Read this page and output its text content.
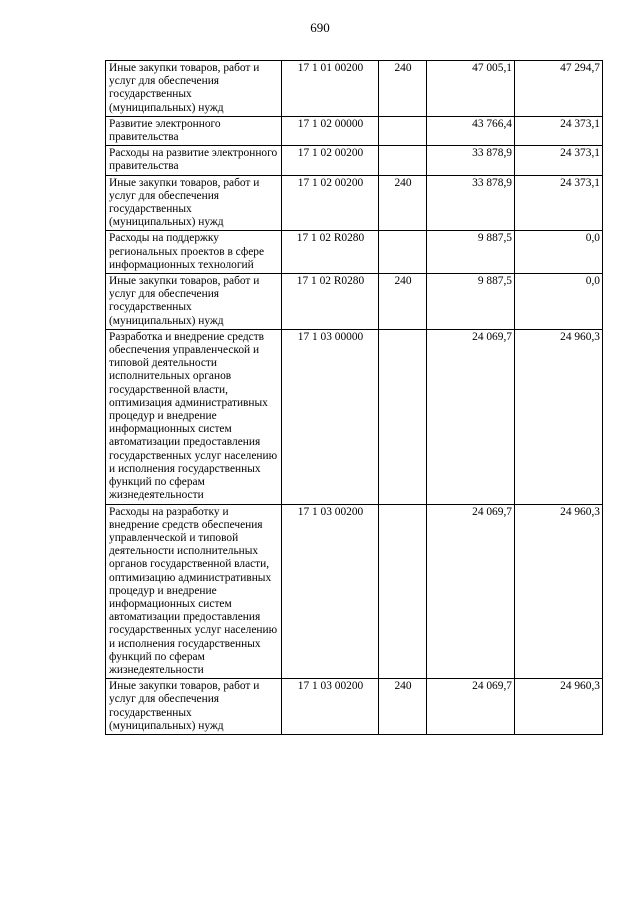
690
Иные закупки товаров, работ и услуг для обеспечения государственных (муниципальных) нужд	17 1 01 00200	240	47 005,1	47 294,7
Развитие электронного правительства	17 1 02 00000		43 766,4	24 373,1
Расходы на развитие электронного правительства	17 1 02 00200		33 878,9	24 373,1
Иные закупки товаров, работ и услуг для обеспечения государственных (муниципальных) нужд	17 1 02 00200	240	33 878,9	24 373,1
Расходы на поддержку региональных проектов в сфере информационных технологий	17 1 02 R0280		9 887,5	0,0
Иные закупки товаров, работ и услуг для обеспечения государственных (муниципальных) нужд	17 1 02 R0280	240	9 887,5	0,0
Разработка и внедрение средств обеспечения управленческой и типовой деятельности исполнительных органов государственной власти, оптимизация административных процедур и внедрение информационных систем автоматизации предоставления государственных услуг населению и исполнения государственных функций по сферам жизнедеятельности	17 1 03 00000		24 069,7	24 960,3
Расходы на разработку и внедрение средств обеспечения управленческой и типовой деятельности исполнительных органов государственной власти, оптимизацию административных процедур и внедрение информационных систем автоматизации предоставления государственных услуг населению и исполнения государственных функций по сферам жизнедеятельности	17 1 03 00200		24 069,7	24 960,3
Иные закупки товаров, работ и услуг для обеспечения государственных (муниципальных) нужд	17 1 03 00200	240	24 069,7	24 960,3
